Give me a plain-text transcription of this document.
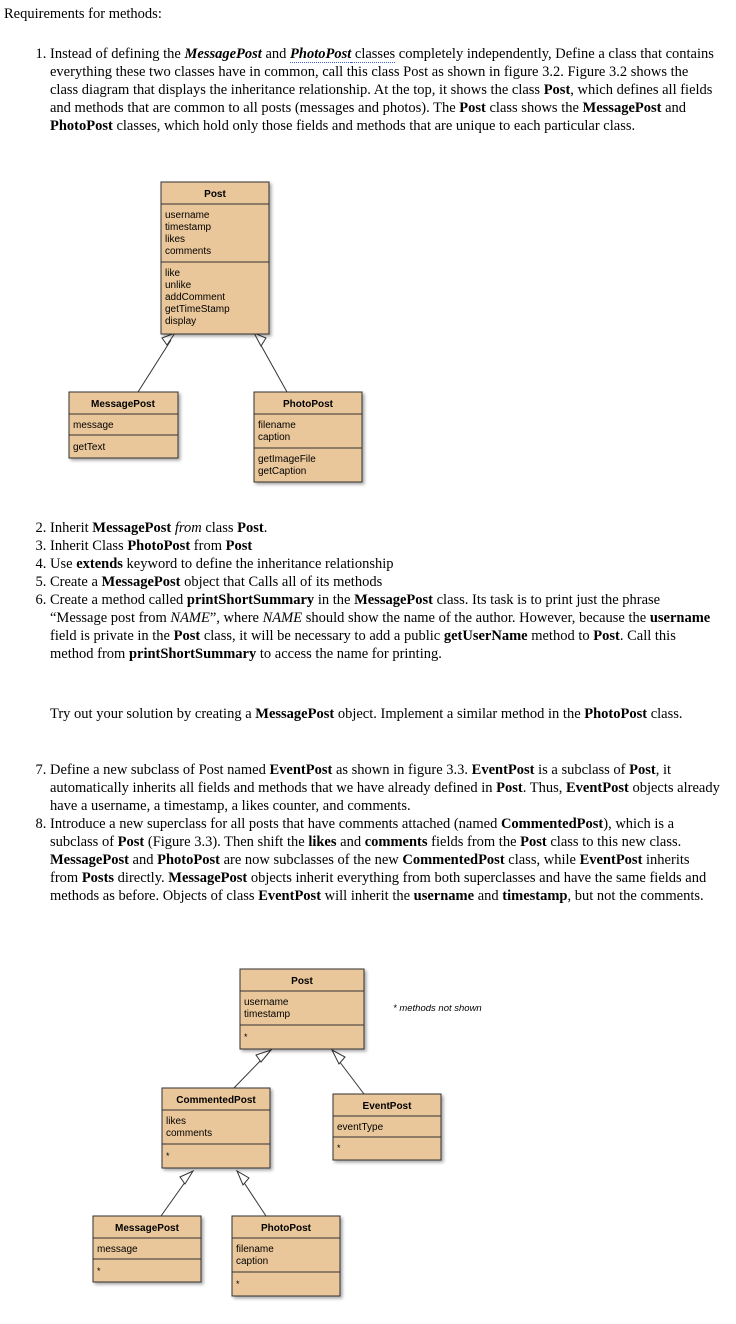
Requirements for methods:
1. Instead of defining the MessagePost and PhotoPost classes completely independently, Define a class that contains everything these two classes have in common, call this class Post as shown in figure 3.2. Figure 3.2 shows the class diagram that displays the inheritance relationship. At the top, it shows the class Post, which defines all fields and methods that are common to all posts (messages and photos). The Post class shows the MessagePost and PhotoPost classes, which hold only those fields and methods that are unique to each particular class.
Post
username
timestamp
likes
comments
like
unlike
addComment
getTimeStamp
display
MessagePost
message
getText
PhotoPost
filename
caption
getImageFile
getCaption
Post
username
timestamp
*
* methods not shown
CommentedPost
likes
comments
*
EventPost
eventType
*
MessagePost
message
*
PhotoPost
filename
caption
*
2. Inherit MessagePost from class Post.
3. Inherit Class PhotoPost from Post
4. Use extends keyword to define the inheritance relationship
5. Create a MessagePost object that Calls all of its methods
6. Create a method called printShortSummary in the MessagePost class. Its task is to print just the phrase “Message post from NAME”, where NAME should show the name of the author. However, because the username field is private in the Post class, it will be necessary to add a public getUserName method to Post. Call this method from printShortSummary to access the name for printing.
Try out your solution by creating a MessagePost object. Implement a similar method in the PhotoPost class.
7. Define a new subclass of Post named EventPost as shown in figure 3.3. EventPost is a subclass of Post, it automatically inherits all fields and methods that we have already defined in Post. Thus, EventPost objects already have a username, a timestamp, a likes counter, and comments.
8. Introduce a new superclass for all posts that have comments attached (named CommentedPost), which is a subclass of Post (Figure 3.3). Then shift the likes and comments fields from the Post class to this new class. MessagePost and PhotoPost are now subclasses of the new CommentedPost class, while EventPost inherits from Posts directly. MessagePost objects inherit everything from both superclasses and have the same fields and methods as before. Objects of class EventPost will inherit the username and timestamp, but not the comments.
